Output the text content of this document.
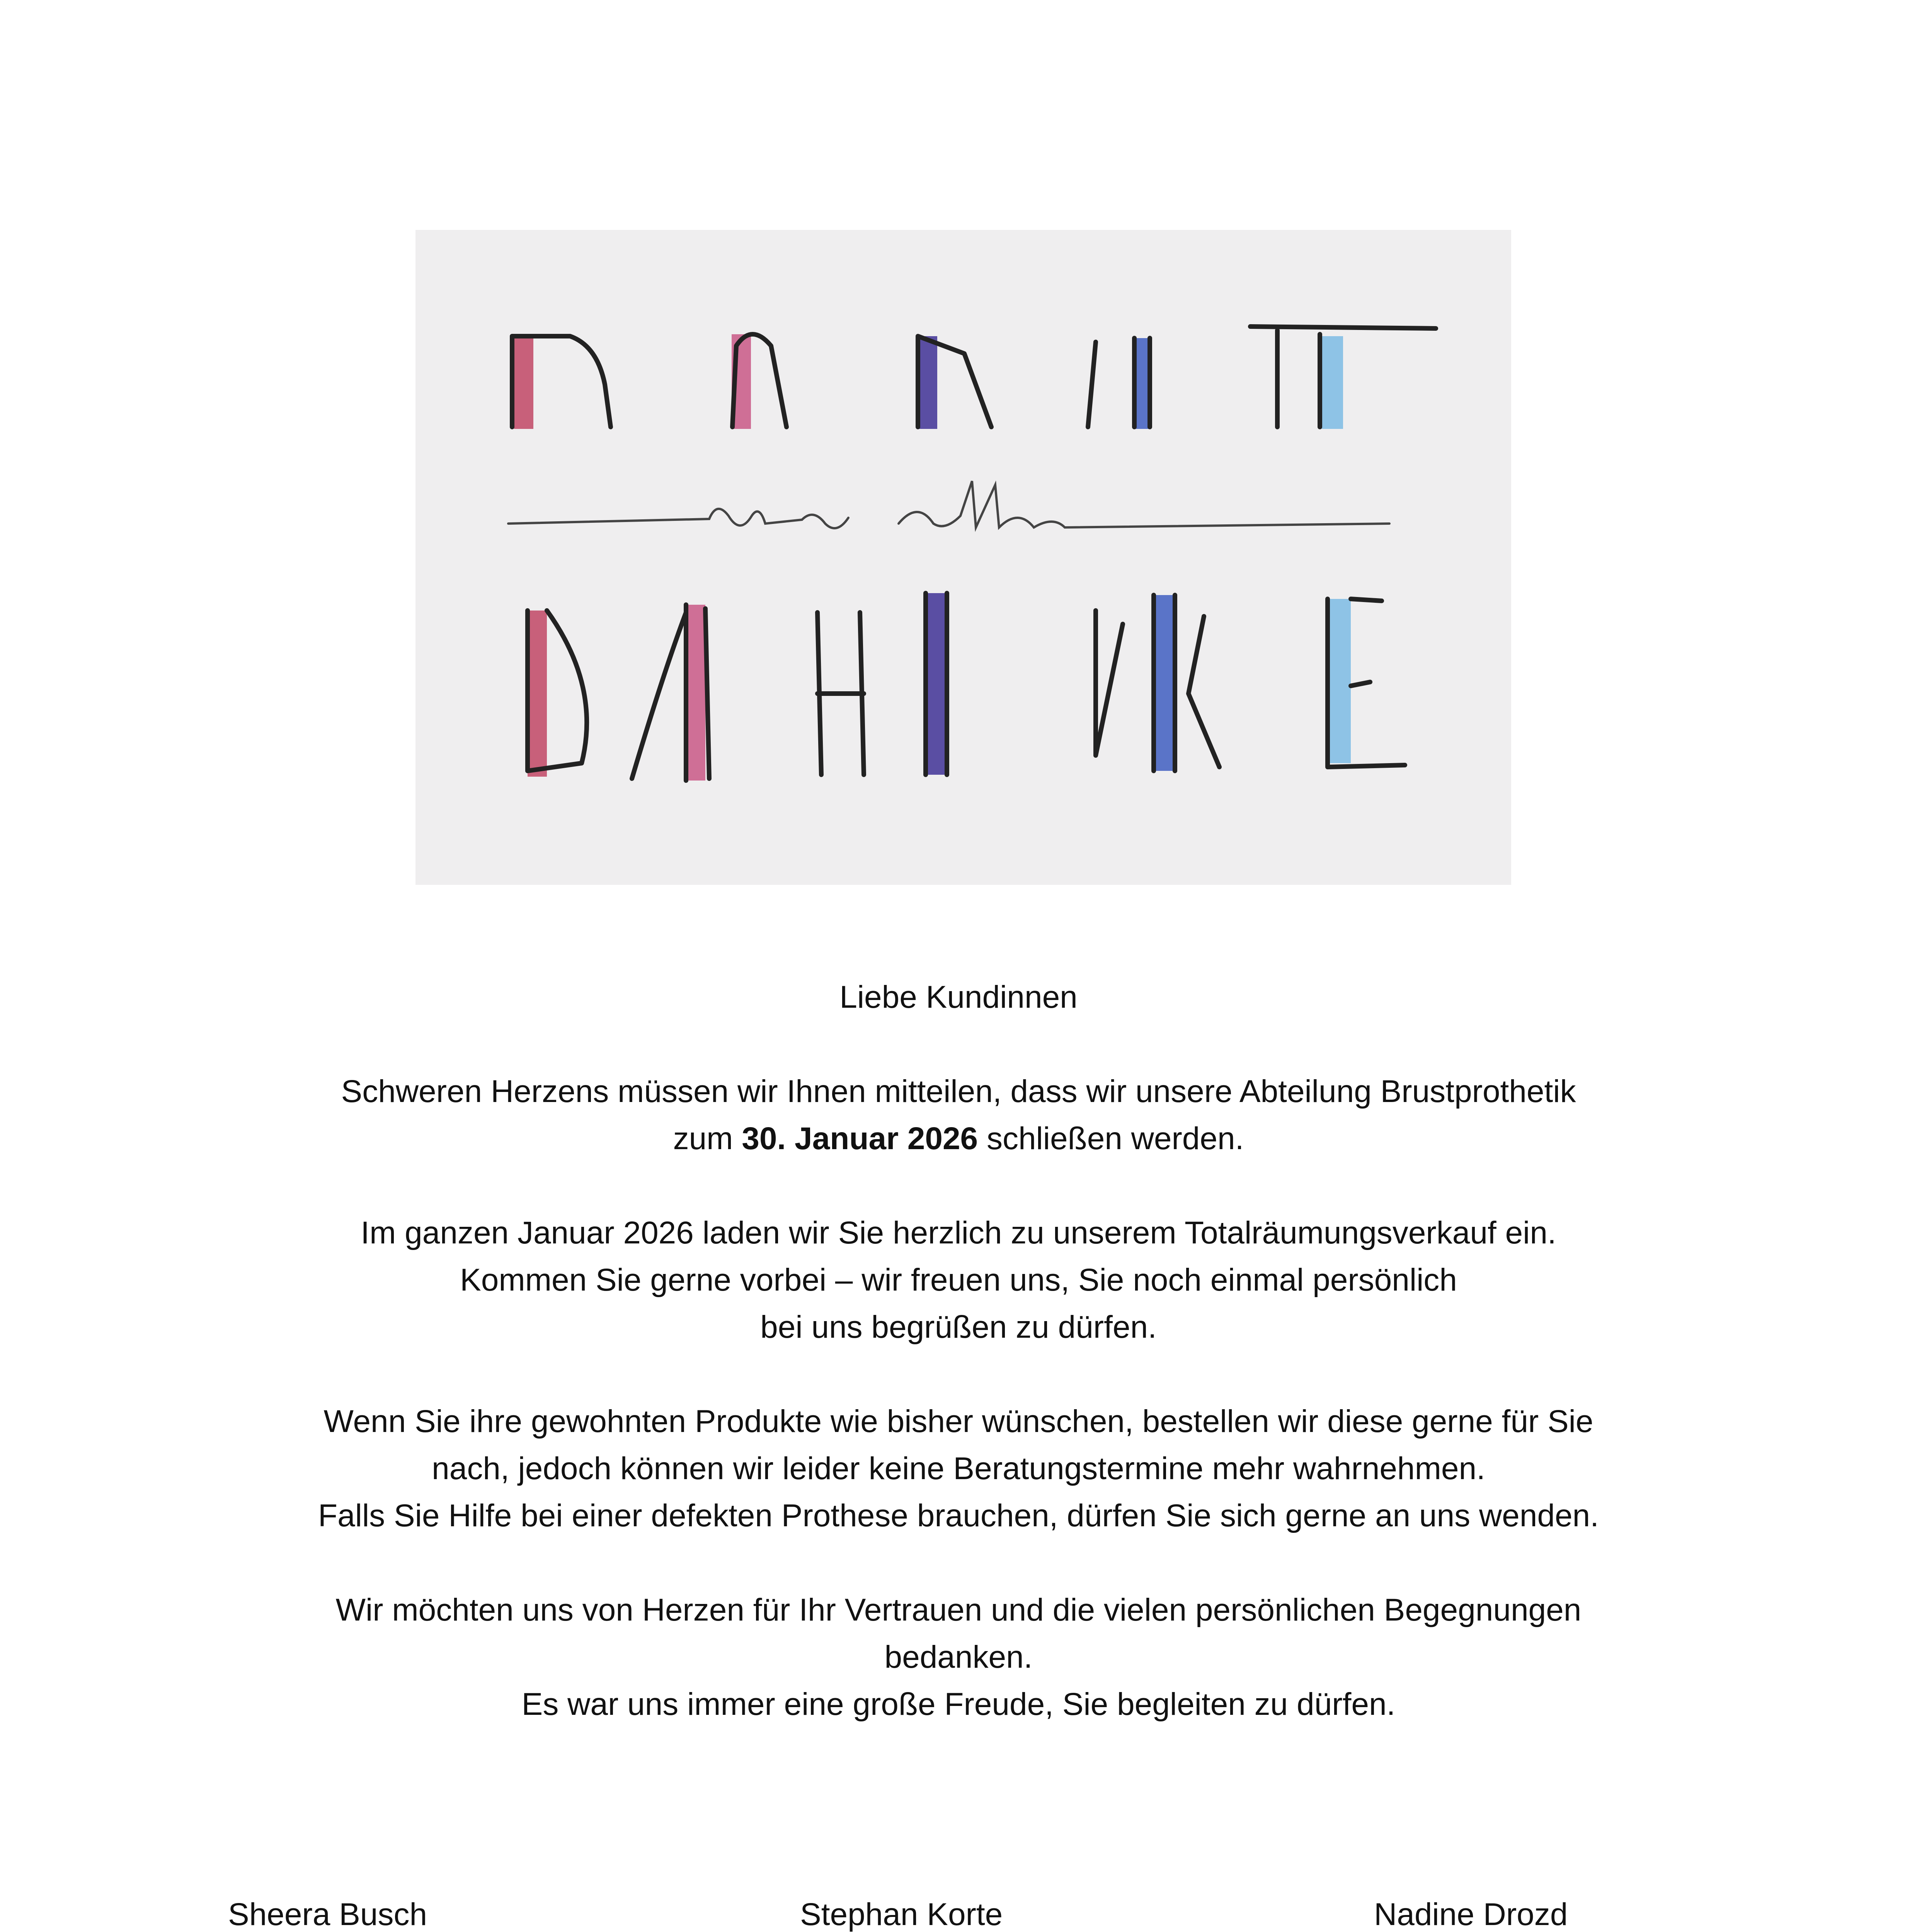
Liebe Kundinnen

Schweren Herzens müssen wir Ihnen mitteilen, dass wir unsere Abteilung Brustprothetik

zum 30. Januar 2026 schließen werden.

Im ganzen Januar 2026 laden wir Sie herzlich zu unserem Totalräumungsverkauf ein.

Kommen Sie gerne vorbei – wir freuen uns, Sie noch einmal persönlich

bei uns begrüßen zu dürfen.

Wenn Sie ihre gewohnten Produkte wie bisher wünschen, bestellen wir diese gerne für Sie

nach, jedoch können wir leider keine Beratungstermine mehr wahrnehmen.

Falls Sie Hilfe bei einer defekten Prothese brauchen, dürfen Sie sich gerne an uns wenden.

Wir möchten uns von Herzen für Ihr Vertrauen und die vielen persönlichen Begegnungen

bedanken.

Es war uns immer eine große Freude, Sie begleiten zu dürfen.

Sheera Busch	Stephan Korte	Nadine Drozd
